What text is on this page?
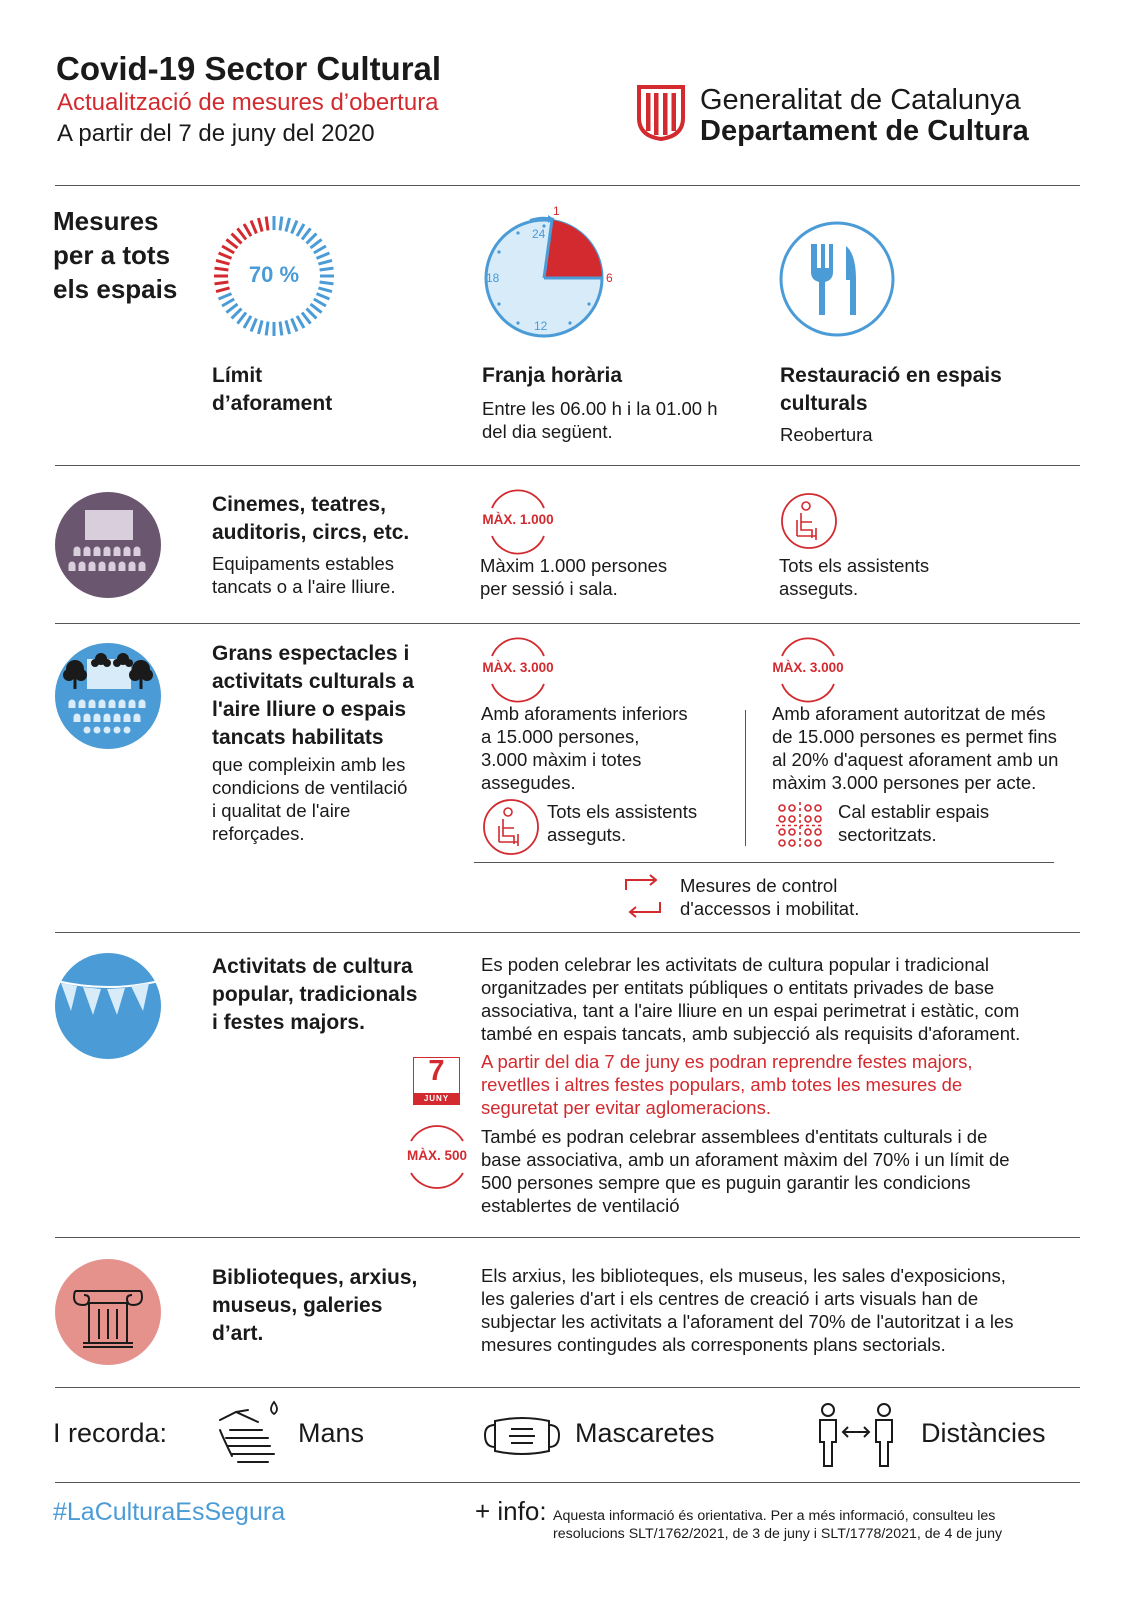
Covid-19 Sector Cultural
Actualització de mesures d’obertura
A partir del 7 de juny del 2020
Generalitat de Catalunya
Departament de Cultura
Mesures
per a tots
els espais	70 %
Límit
d’aforament
1
24
6
18
12
Franja horària
Entre les 06.00 h i la 01.00 h
del dia següent.
Restauració en espais
culturals
Reobertura
Cinemes, teatres,
auditoris, circs, etc.
Equipaments estables
tancats o a l'aire lliure.
MÀX. 1.000
Màxim 1.000 persones
per sessió i sala.
Tots els assistents
asseguts.
Grans espectacles i
activitats culturals a
l'aire lliure o espais
tancats habilitats
que compleixin amb les
condicions de ventilació
i qualitat de l'aire
reforçades.
MÀX. 3.000
Amb aforaments inferiors
a 15.000 persones,
3.000 màxim i totes
assegudes.
Tots els assistents
asseguts.
MÀX. 3.000
Amb aforament autoritzat de més
de 15.000 persones es permet fins
al 20% d'aquest aforament amb un
màxim 3.000 persones per acte.
Cal establir espais
sectoritzats.
Mesures de control
d'accessos i mobilitat.
Activitats de cultura
popular, tradicionals
i festes majors.
Es poden celebrar les activitats de cultura popular i tradicional
organitzades per entitats públiques o entitats privades de base
associativa, tant a l'aire lliure en un espai perimetrat i estàtic, com
també en espais tancats, amb subjecció als requisits d'aforament.
7
JUNY
A partir del dia 7 de juny es podran reprendre festes majors,
revetlles i altres festes populars, amb totes les mesures de
seguretat per evitar aglomeracions.
MÀX. 500
També es podran celebrar assemblees d'entitats culturals i de
base associativa, amb un aforament màxim del 70% i un límit de
500 persones sempre que es puguin garantir les condicions
establertes de ventilació
Biblioteques, arxius,
museus, galeries
d’art.
Els arxius, les biblioteques, els museus, les sales d'exposicions,
les galeries d'art i els centres de creació i arts visuals han de
subjectar les activitats a l'aforament del 70% de l'autoritzat i a les
mesures contingudes als corresponents plans sectorials.
I recorda:	Mans	Mascaretes	Distàncies
#LaCulturaEsSegura	+ info: Aquesta informació és orientativa. Per a més informació, consulteu les
resolucions SLT/1762/2021, de 3 de juny i SLT/1778/2021, de 4 de juny
